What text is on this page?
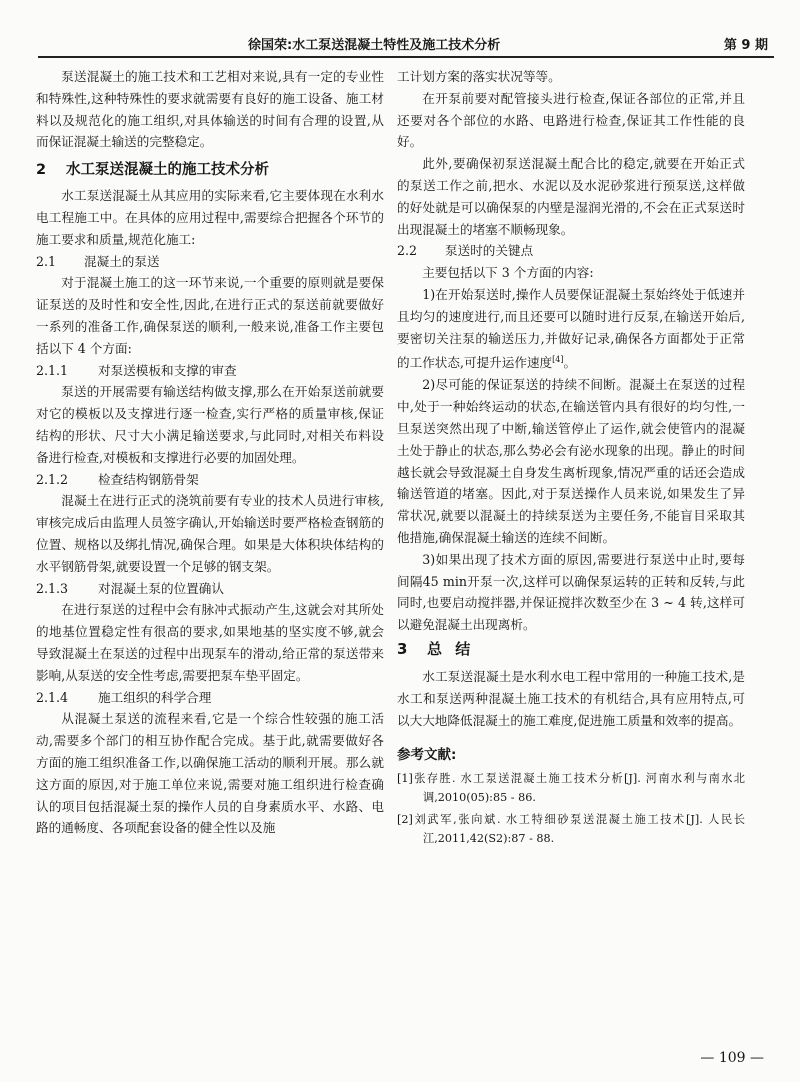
徐国荣:水工泵送混凝土特性及施工技术分析	第 9 期

泵送混凝土的施工技术和工艺相对来说,具有一定的专业性和特殊性,这种特殊性的要求就需要有良好的施工设备、施工材料以及规范化的施工组织,对具体输送的时间有合理的设置,从而保证混凝土输送的完整稳定。

2 水工泵送混凝土的施工技术分析

水工泵送混凝土从其应用的实际来看,它主要体现在水利水电工程施工中。在具体的应用过程中,需要综合把握各个环节的施工要求和质量,规范化施工:

2.1 混凝土的泵送

对于混凝土施工的这一环节来说,一个重要的原则就是要保证泵送的及时性和安全性,因此,在进行正式的泵送前就要做好一系列的准备工作,确保泵送的顺利,一般来说,准备工作主要包括以下 4 个方面:

2.1.1 对泵送模板和支撑的审查

泵送的开展需要有输送结构做支撑,那么在开始泵送前就要对它的模板以及支撑进行逐一检查,实行严格的质量审核,保证结构的形状、尺寸大小满足输送要求,与此同时,对相关布料设备进行检查,对模板和支撑进行必要的加固处理。

2.1.2 检查结构钢筋骨架

混凝土在进行正式的浇筑前要有专业的技术人员进行审核,审核完成后由监理人员签字确认,开始输送时要严格检查钢筋的位置、规格以及绑扎情况,确保合理。如果是大体积块体结构的水平钢筋骨架,就要设置一个足够的钢支架。

2.1.3 对混凝土泵的位置确认

在进行泵送的过程中会有脉冲式振动产生,这就会对其所处的地基位置稳定性有很高的要求,如果地基的坚实度不够,就会导致混凝土在泵送的过程中出现泵车的滑动,给正常的泵送带来影响,从泵送的安全性考虑,需要把泵车垫平固定。

2.1.4 施工组织的科学合理

从混凝土泵送的流程来看,它是一个综合性较强的施工活动,需要多个部门的相互协作配合完成。基于此,就需要做好各方面的施工组织准备工作,以确保施工活动的顺利开展。那么就这方面的原因,对于施工单位来说,需要对施工组织进行检查确认的项目包括混凝土泵的操作人员的自身素质水平、水路、电路的通畅度、各项配套设备的健全性以及施

工计划方案的落实状况等等。

在开泵前要对配管接头进行检查,保证各部位的正常,并且还要对各个部位的水路、电路进行检查,保证其工作性能的良好。

此外,要确保初泵送混凝土配合比的稳定,就要在开始正式的泵送工作之前,把水、水泥以及水泥砂浆进行预泵送,这样做的好处就是可以确保泵的内壁是湿润光滑的,不会在正式泵送时出现混凝土的堵塞不顺畅现象。

2.2 泵送时的关键点

主要包括以下 3 个方面的内容:

1)在开始泵送时,操作人员要保证混凝土泵始终处于低速并且均匀的速度进行,而且还要可以随时进行反泵,在输送开始后,要密切关注泵的输送压力,并做好记录,确保各方面都处于正常的工作状态,可提升运作速度[4]。

2)尽可能的保证泵送的持续不间断。混凝土在泵送的过程中,处于一种始终运动的状态,在输送管内具有很好的均匀性,一旦泵送突然出现了中断,输送管停止了运作,就会使管内的混凝土处于静止的状态,那么势必会有泌水现象的出现。静止的时间越长就会导致混凝土自身发生离析现象,情况严重的话还会造成输送管道的堵塞。因此,对于泵送操作人员来说,如果发生了异常状况,就要以混凝土的持续泵送为主要任务,不能盲目采取其他措施,确保混凝土输送的连续不间断。

3)如果出现了技术方面的原因,需要进行泵送中止时,要每间隔45 min开泵一次,这样可以确保泵运转的正转和反转,与此同时,也要启动搅拌器,并保证搅拌次数至少在 3 ~ 4 转,这样可以避免混凝土出现离析。

3 总 结

水工泵送混凝土是水利水电工程中常用的一种施工技术,是水工和泵送两种混凝土施工技术的有机结合,具有应用特点,可以大大地降低混凝土的施工难度,促进施工质量和效率的提高。

参考文献:

[1]张存胜. 水工泵送混凝土施工技术分析[J]. 河南水利与南水北调,2010(05):85 - 86.

[2]刘武军,张向斌. 水工特细砂泵送混凝土施工技术[J]. 人民长江,2011,42(S2):87 - 88.

— 109 —
